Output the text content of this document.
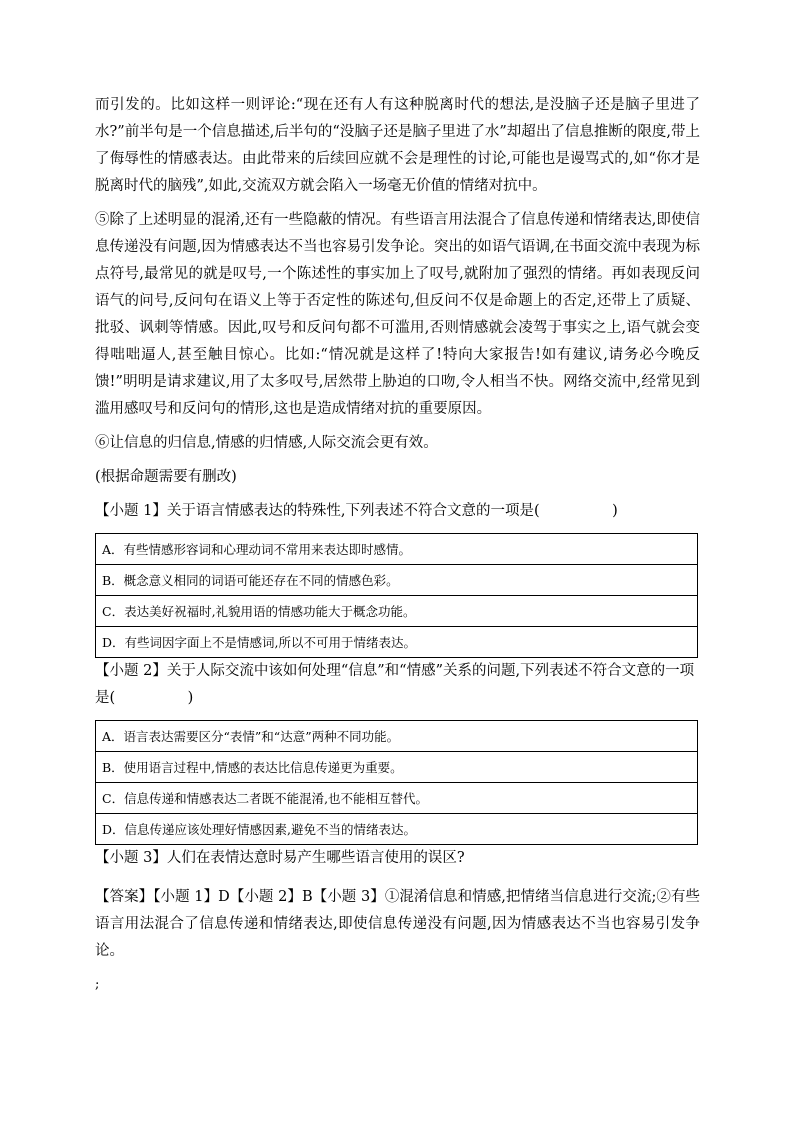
而引发的。比如这样一则评论:“现在还有人有这种脱离时代的想法,是没脑子还是脑子里进了水?”前半句是一个信息描述,后半句的“没脑子还是脑子里进了水”却超出了信息推断的限度,带上了侮辱性的情感表达。由此带来的后续回应就不会是理性的讨论,可能也是谩骂式的,如“你才是脱离时代的脑残”,如此,交流双方就会陷入一场毫无价值的情绪对抗中。

⑤除了上述明显的混淆,还有一些隐蔽的情况。有些语言用法混合了信息传递和情绪表达,即使信息传递没有问题,因为情感表达不当也容易引发争论。突出的如语气语调,在书面交流中表现为标点符号,最常见的就是叹号,一个陈述性的事实加上了叹号,就附加了强烈的情绪。再如表现反问语气的问号,反问句在语义上等于否定性的陈述句,但反问不仅是命题上的否定,还带上了质疑、批驳、讽刺等情感。因此,叹号和反问句都不可滥用,否则情感就会凌驾于事实之上,语气就会变得咄咄逼人,甚至触目惊心。比如:“情况就是这样了!特向大家报告!如有建议,请务必今晚反馈!”明明是请求建议,用了太多叹号,居然带上胁迫的口吻,令人相当不快。网络交流中,经常见到滥用感叹号和反问句的情形,这也是造成情绪对抗的重要原因。

⑥让信息的归信息,情感的归情感,人际交流会更有效。

(根据命题需要有删改)

【小题 1】关于语言情感表达的特殊性,下列表述不符合文意的一项是(　　　　　)

A．有些情感形容词和心理动词不常用来表达即时感情。
B．概念意义相同的词语可能还存在不同的情感色彩。
C．表达美好祝福时,礼貌用语的情感功能大于概念功能。
D．有些词因字面上不是情感词,所以不可用于情绪表达。

【小题 2】关于人际交流中该如何处理“信息”和“情感”关系的问题,下列表述不符合文意的一项是(　　　　　)

A．语言表达需要区分“表情”和“达意”两种不同功能。
B．使用语言过程中,情感的表达比信息传递更为重要。
C．信息传递和情感表达二者既不能混淆,也不能相互替代。
D．信息传递应该处理好情感因素,避免不当的情绪表达。

【小题 3】人们在表情达意时易产生哪些语言使用的误区?

【答案】【小题 1】D【小题 2】B【小题 3】①混淆信息和情感,把情绪当信息进行交流;②有些语言用法混合了信息传递和情绪表达,即使信息传递没有问题,因为情感表达不当也容易引发争论。

;
